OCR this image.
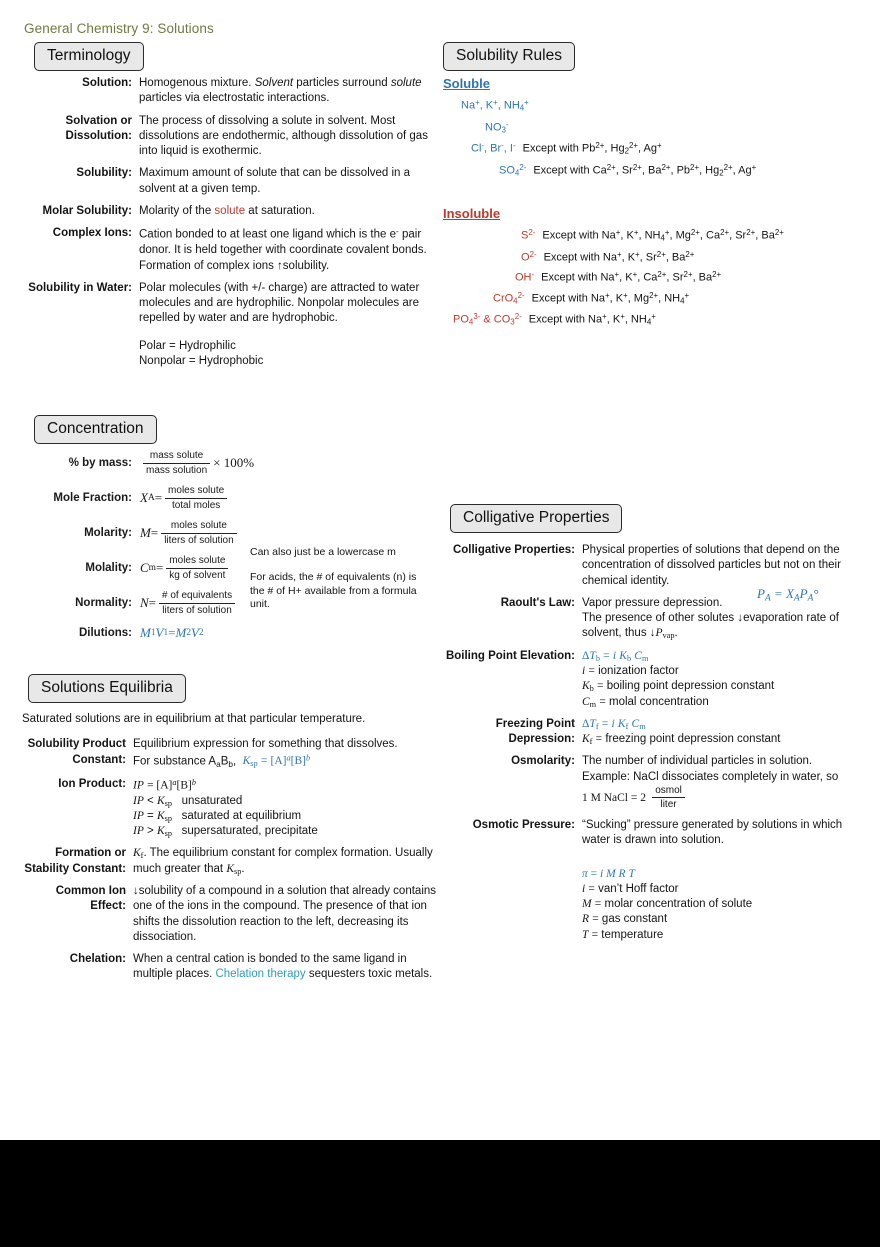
General Chemistry 9: Solutions
Terminology
Solution: Homogenous mixture. Solvent particles surround solute particles via electrostatic interactions.
Solvation or Dissolution:
The process of dissolving a solute in solvent. Most dissolutions are endothermic, although dissolution of gas into liquid is exothermic.
Solubility: Maximum amount of solute that can be dissolved in a solvent at a given temp.
Molar Solubility: Molarity of the solute at saturation.
Complex Ions: Cation bonded to at least one ligand which is the e- pair donor. It is held together with coordinate covalent bonds. Formation of complex ions ↑solubility.
Solubility in Water: Polar molecules (with +/- charge) are attracted to water molecules and are hydrophilic. Nonpolar molecules are repelled by water and are hydrophobic.
Polar = Hydrophilic
Nonpolar = Hydrophobic
Solubility Rules
Soluble
Na+, K+, $NH_4^+$
$NO_3^-$
Cl-, Br-, I- Except with $Pb^{2+}$, $Hg_2^{2+}$, Ag+
$SO_4^{2-}$ Except with $Ca^{2+}$, $Sr^{2+}$, $Ba^{2+}$, $Pb^{2+}$, $Hg_2^{2+}$, Ag+
Insoluble
$S^{2-}$ Except with Na+, K+, $NH_4^+$, $Mg^{2+}$, $Ca^{2+}$, $Sr^{2+}$, $Ba^{2+}$
$O^{2-}$ Except with Na+, K+, $Sr^{2+}$, $Ba^{2+}$
OH- Except with Na+, K+, $Ca^{2+}$, $Sr^{2+}$, $Ba^{2+}$
CrO$_4^{2-}$ Except with Na+, K+, $Mg^{2+}$, $NH_4^+$
$PO_4^{3-}$ & $CO_3^{2-}$ Except with Na+, K+, $NH_4^+$
Concentration
% by mass:	$\frac{\text{mass solute}}{\text{mass solution}} \times 100\%$
Mole Fraction: X $A = \frac{\text{moles solute}}{\text{total moles}}$
Molarity: $M = \frac{\text{moles solute}}{\text{liters of solution}}$
Molality: C $m = \frac{\text{moles solute}}{\text{kg of solvent}}$
Normality: $N = \frac{\text{\# of equivalents}}{\text{liters of solution}}$
Dilutions: M 1 V 1 = M 2 V 2
Solutions Equilibria
Saturated solutions are in equilibrium at that particular temperature.
Solubility Product Constant:
Equilibrium expression for something that dissolves.
For substance $A_aB_b$,  $K_{sp} = [A]^a[B]^b$
Ion Product: IP = $[A]^a[B]^b$
IP < $K_{sp}$   unsaturated
IP = $K_{sp}$   saturated at equilibrium
IP > $K_{sp}$   supersaturated, precipitate
Formation or Stability Constant:
$K_f$. The equilibrium constant for complex formation. Usually much greater that $K_{sp}$.
Common Ion Effect:
↓solubility of a compound in a solution that already contains one of the ions in the compound. The presence of that ion shifts the dissolution reaction to the left, decreasing its dissociation.
Chelation: When a central cation is bonded to the same ligand in multiple places. Chelation therapy sequesters toxic metals.
Colligative Properties
Colligative Properties: Physical properties of solutions that depend on the concentration of dissolved particles but not on their chemical identity.
Raoult's Law: Vapor pressure depression.
The presence of other solutes ↓evaporation rate of solvent, thus $↓P_{vap}$.
Boiling Point Elevation: $\Delta T_b = i$ $K_b$ $C_m$
i = ionization factor
$K_b$ = boiling point depression constant
$C_m$ = molal concentration
Freezing Point Depression:
$\Delta T_f = i$ $K_f$ $C_m$
$K_f$ = freezing point depression constant
Osmolarity: The number of individual particles in solution.
Example: NaCl dissociates completely in water, so
1 M NaCl = $2 \frac{\text{osmol}}{\text{liter}}$
Osmotic Pressure: “Sucking” pressure generated by solutions in which water is drawn into solution.
π = i M R T
i = van’t Hoff factor
M = molar concentration of solute
R = gas constant
T = temperature
Can also just be a lowercase m
For acids, the # of equivalents (n) is the # of H+ available from a formula unit.
$P_A = X_AP_A^\circ$
